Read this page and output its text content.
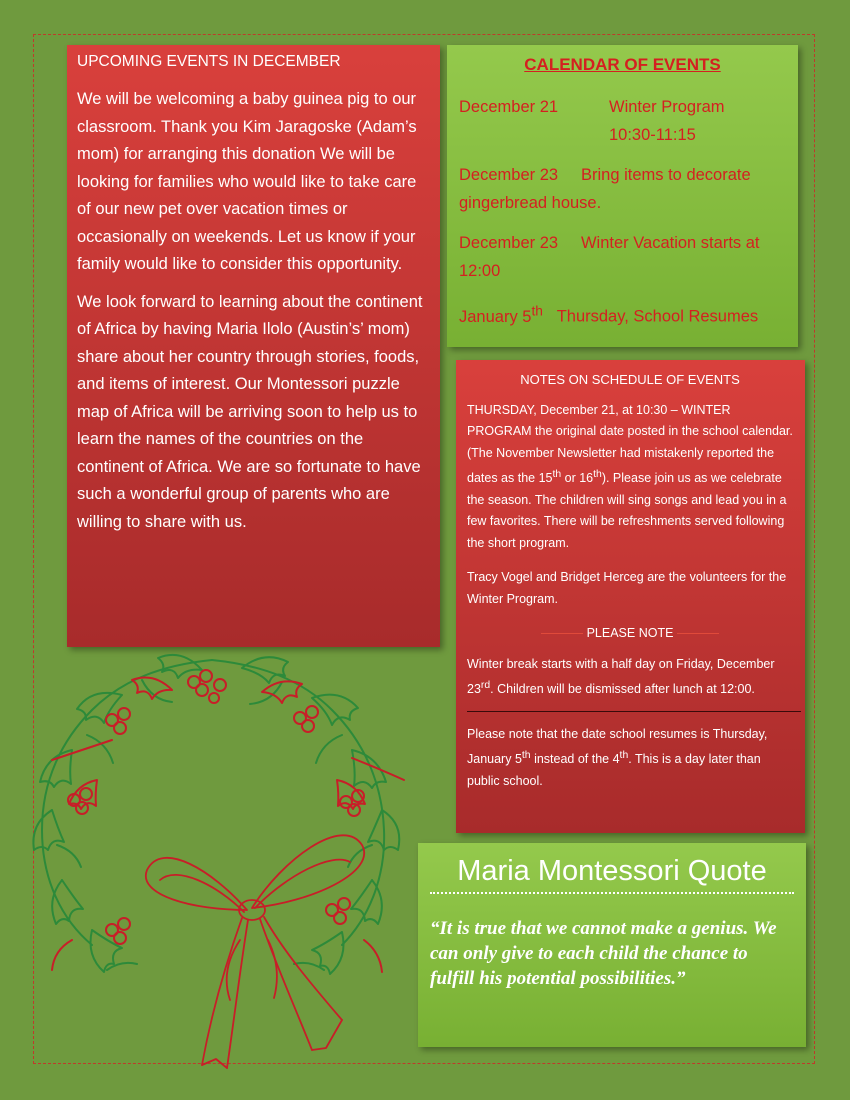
UPCOMING EVENTS IN DECEMBER

We will be welcoming a baby guinea pig to our classroom. Thank you Kim Jaragoske (Adam’s mom) for arranging this donation We will be looking for families who would like to take care of our new pet over vacation times or occasionally on weekends. Let us know if your family would like to consider this opportunity.

We look forward to learning about the continent of Africa by having Maria Ilolo (Austin’s’ mom) share about her country through stories, foods, and items of interest. Our Montessori puzzle map of Africa will be arriving soon to help us to learn the names of the countries on the continent of Africa. We are so fortunate to have such a wonderful group of parents who are willing to share with us.

CALENDAR OF EVENTS
December 21	Winter Program
10:30-11:15
December 23 Bring items to decorate gingerbread house.
December 23 Winter Vacation starts at 12:00
January 5th Thursday, School Resumes
NOTES ON SCHEDULE OF EVENTS

THURSDAY, December 21, at 10:30 – WINTER PROGRAM the original date posted in the school calendar. (The November Newsletter had mistakenly reported the dates as the 15th or 16th). Please join us as we celebrate the season. The children will sing songs and lead you in a few favorites. There will be refreshments served following the short program.

Tracy Vogel and Bridget Herceg are the volunteers for the Winter Program.

PLEASE NOTE

Winter break starts with a half day on Friday, December 23rd. Children will be dismissed after lunch at 12:00.

Please note that the date school resumes is Thursday, January 5th instead of the 4th. This is a day later than public school.

Maria Montessori Quote

“It is true that we cannot make a genius. We can only give to each child the chance to fulfill his potential possibilities.”
